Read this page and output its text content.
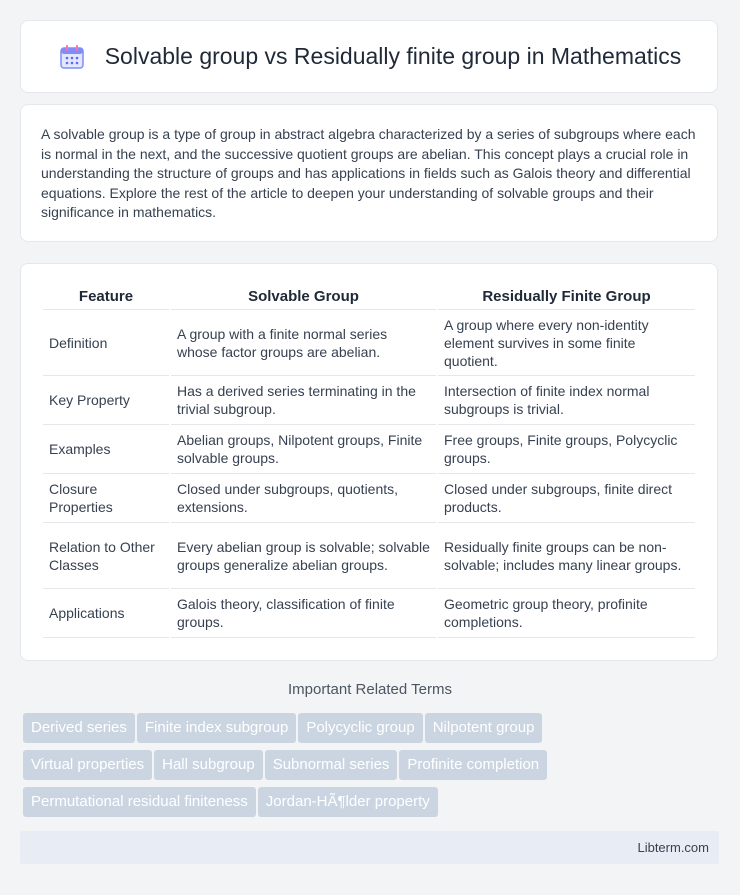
Solvable group vs Residually finite group in Mathematics

A solvable group is a type of group in abstract algebra characterized by a series of subgroups where each is normal in the next, and the successive quotient groups are abelian. This concept plays a crucial role in understanding the structure of groups and has applications in fields such as Galois theory and differential equations. Explore the rest of the article to deepen your understanding of solvable groups and their significance in mathematics.

Feature	Solvable Group	Residually Finite Group
Definition	A group with a finite normal series whose factor groups are abelian.	A group where every non-identity element survives in some finite quotient.
Key Property	Has a derived series terminating in the trivial subgroup.	Intersection of finite index normal subgroups is trivial.
Examples	Abelian groups, Nilpotent groups, Finite solvable groups.	Free groups, Finite groups, Polycyclic groups.
Closure Properties	Closed under subgroups, quotients, extensions.	Closed under subgroups, finite direct products.
Relation to Other Classes	Every abelian group is solvable; solvable groups generalize abelian groups.	Residually finite groups can be non-solvable; includes many linear groups.
Applications	Galois theory, classification of finite groups.	Geometric group theory, profinite completions.
Important Related Terms
Derived series Finite index subgroup Polycyclic group Nilpotent group
Virtual properties Hall subgroup Subnormal series Profinite completion
Permutational residual finiteness Jordan-HÃ¶lder property
Libterm.com
